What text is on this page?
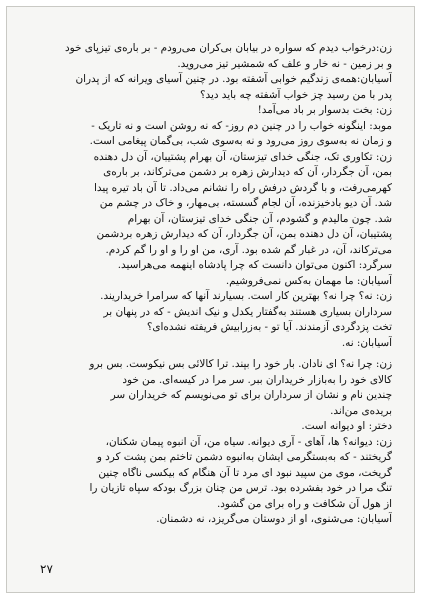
زن:درخواب دیدم که سواره در بیابان بی‌کران می‌رودم - بر باره‌ی تیزپای خود
و بر زمین - نه خار و علف که شمشیر تیز می‌روید.
آسیابان:همه‌ی زندگیم خوابی آشفته بود. در چنین آسیای ویرانه که از پدران
پدر با من رسید چز خواب آشفته چه باید دید؟
زن: بخت بدسوار بر باد می‌آمد!
موبد: اینگونه خواب را در چنین دم روز- که نه روشن است و نه تاریک -
و زمان نه به‌سوی روز می‌رود و نه به‌سوی شب، بی‌گمان پیغامی است.
زن: تکاوری تک، جنگی خدای تیزستان، آن بهرام پشتیبان، آن دل دهنده
بمن، آن جگردار، آن که دیدارش زهره بر دشمن می‌ترکاند، بر باره‌ی
کهرمی‌رفت، و با گردش درفش راه را نشانم می‌داد. تا آن باد تیره پیدا
شد. آن دیو بادخیزنده، آن لجام گسسته، بی‌مهار، و خاک در چشم من
شد. چون مالیدم و گشودم، آن جنگی خدای تیزستان، آن بهرام
پشتیبان، آن دل دهنده بمن، آن جگردار، آن که دیدارش زهره بردشمن
می‌ترکاند، آن، در غبار گم شده بود. آری، من او را و او را گم کردم.
سرگرد: اکنون می‌توان دانست که چرا پادشاه اینهمه می‌هراسید.
آسیابان: ما مهمان به‌کس نمی‌فروشیم.
زن: نه؟ چرا نه؟ بهترین کار است. بسیارند آنها که سرامرا خریداریند.
سرداران بسیاری هستند به‌گفتار یکدل و نیک اندیش - که در پنهان بر
تخت پزدگردی آزمندند. آیا تو - به‌زرابیش فریفته نشده‌ای؟
آسیابان: نه.
زن: چرا نه؟ ای نادان. بار خود را بپند. ترا کالائی بس نیکوست. بس برو
کالای خود را به‌بازار خریداران ببر. سر مرا در کیسه‌ای. من خود
چندین نام و نشان از سرداران برای تو می‌نویسم که خریداران سر
بریده‌ی من‌اند.
دختر: او دیوانه است.
زن: دیوانه؟ ها، آهای - آری دیوانه. سیاه من، آن انبوه پیمان شکنان،
گریختند - که به‌بستگرمی ایشان به‌انبوه دشمن تاختم بمن پشت کرد و
گریخت، موی من سپید نبود ای مرد تا آن هنگام که بیکسی ناگاه چنین
تنگ مرا در خود بفشرده بود. ترس من چنان بزرگ بودکه سپاه تازیان را
از هول آن شکافت و راه برای من گشود.
آسیابان: می‌شنوی، او از دوستان می‌گریزد، نه دشمنان.
۲۷
